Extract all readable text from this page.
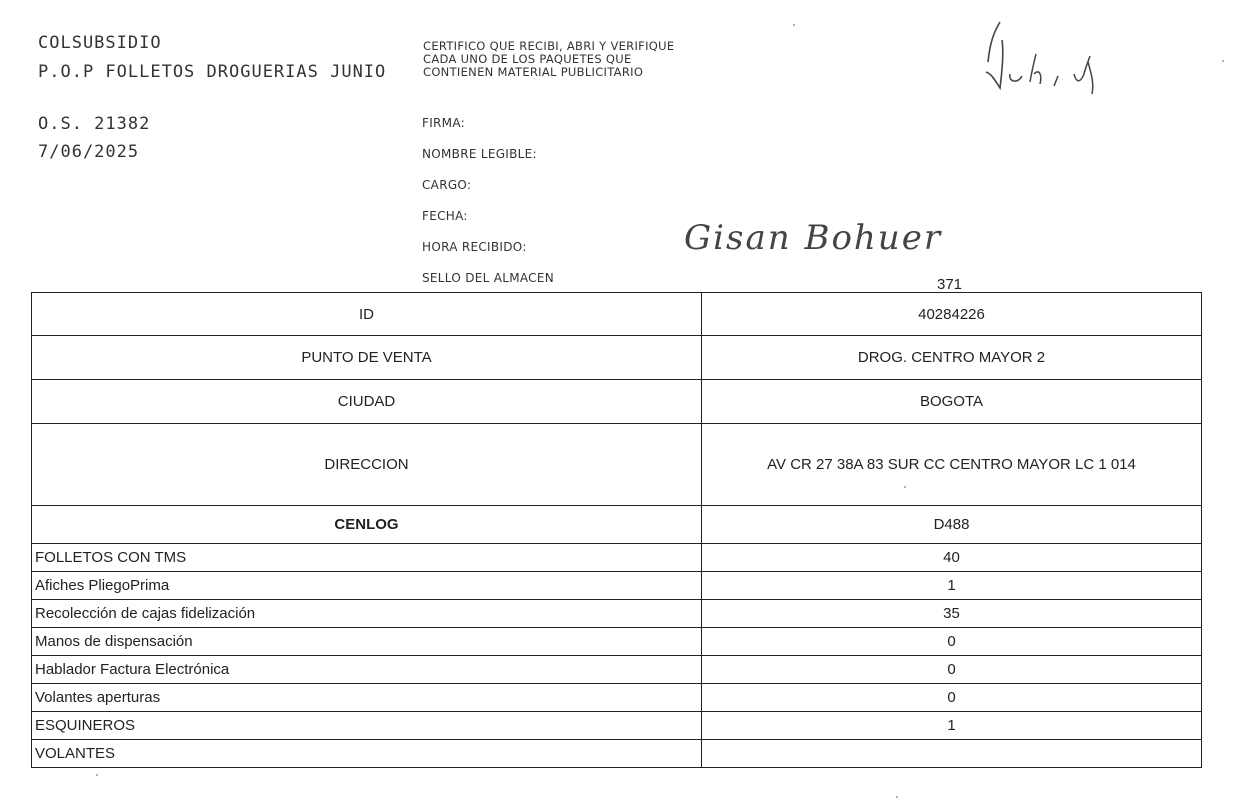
COLSUBSIDIO
P.O.P FOLLETOS DROGUERIAS JUNIO
O.S. 21382
7/06/2025
CERTIFICO QUE RECIBI, ABRI Y VERIFIQUE CADA UNO DE LOS PAQUETES QUE CONTIENEN MATERIAL PUBLICITARIO
FIRMA:
NOMBRE LEGIBLE:
CARGO:
FECHA:
HORA RECIBIDO:
SELLO DEL ALMACEN
Gisan Bohuer
371
ID	40284226
PUNTO DE VENTA	DROG. CENTRO MAYOR 2
CIUDAD	BOGOTA
DIRECCION	AV CR 27 38A 83 SUR CC CENTRO MAYOR LC 1 014
CENLOG	D488
FOLLETOS CON TMS	40
Afiches PliegoPrima	1
Recolección de cajas fidelización	35
Manos de dispensación	0
Hablador Factura Electrónica	0
Volantes aperturas	0
ESQUINEROS	1
VOLANTES
